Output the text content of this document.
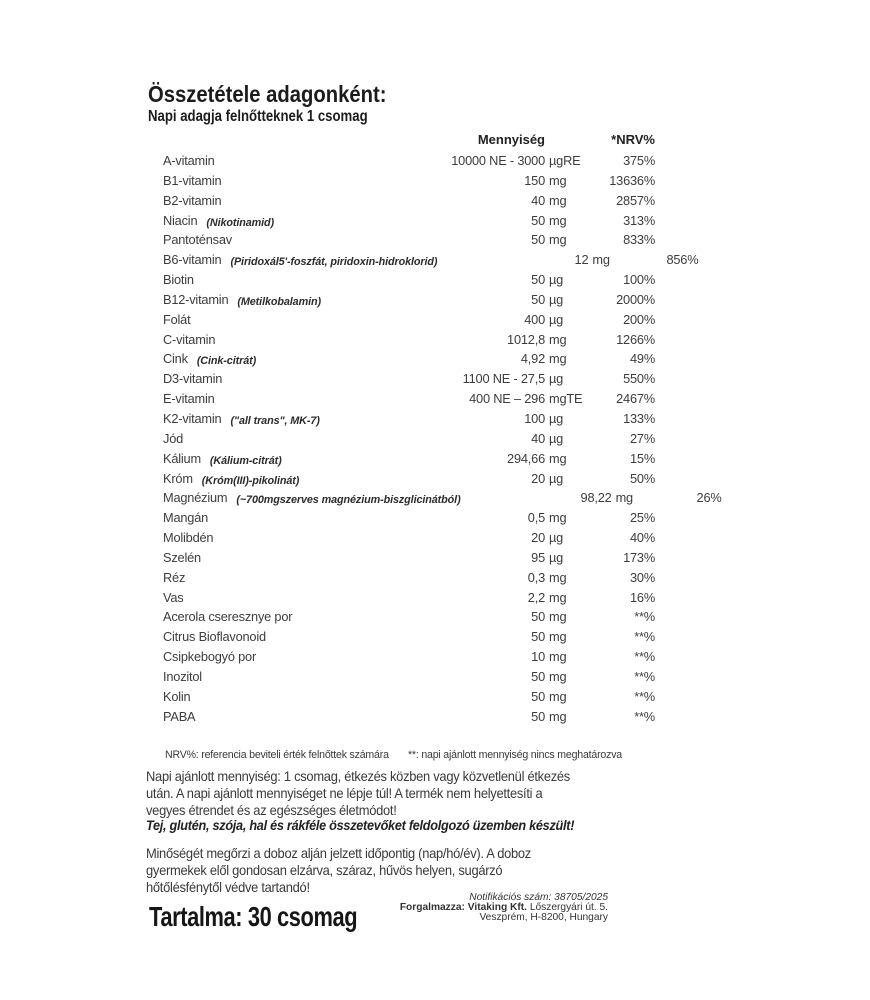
Összetétele adagonként:
Napi adagja felnőtteknek 1 csomag
Mennyiség	*NRV%
A-vitamin	10000 NE - 3000 µgRE	375%
B1-vitamin	150 mg	13636%
B2-vitamin	40 mg	2857%
Niacin (Nikotinamid)	50 mg	313%
Pantoténsav	50 mg	833%
B6-vitamin (Piridoxál5'-foszfát, piridoxin-hidroklorid)	12 mg	856%
Biotin	50 µg	100%
B12-vitamin (Metilkobalamin)	50 µg	2000%
Folát	400 µg	200%
C-vitamin	1012,8 mg	1266%
Cink (Cink-citrát)	4,92 mg	49%
D3-vitamin	1100 NE - 27,5 µg	550%
E-vitamin	400 NE – 296 mgTE	2467%
K2-vitamin ("all trans", MK-7)	100 µg	133%
Jód	40 µg	27%
Kálium (Kálium-citrát)	294,66 mg	15%
Króm (Króm(III)-pikolinát)	20 µg	50%
Magnézium (~700mgszerves magnézium-biszglicinátból)	98,22 mg	26%
Mangán	0,5 mg	25%
Molibdén	20 µg	40%
Szelén	95 µg	173%
Réz	0,3 mg	30%
Vas	2,2 mg	16%
Acerola cseresznye por	50 mg	**%
Citrus Bioflavonoid	50 mg	**%
Csipkebogyó por	10 mg	**%
Inozitol	50 mg	**%
Kolin	50 mg	**%
PABA	50 mg	**%
NRV%: referencia beviteli érték felnőttek számára **: napi ajánlott mennyiség nincs meghatározva
Napi ajánlott mennyiség: 1 csomag, étkezés közben vagy közvetlenül étkezés
után. A napi ajánlott mennyiséget ne lépje túl! A termék nem helyettesíti a
vegyes étrendet és az egészséges életmódot!
Tej, glutén, szója, hal és rákféle összetevőket feldolgozó üzemben készült!
Minőségét megőrzi a doboz alján jelzett időpontig (nap/hó/év). A doboz
gyermekek elől gondosan elzárva, száraz, hűvös helyen, sugárzó
hőtőlésfénytől védve tartandó!
Tartalma: 30 csomag
Notifikációs szám: 38705/2025
Forgalmazza: Vitaking Kft. Lőszergyári út. 5.
Veszprém, H-8200, Hungary
